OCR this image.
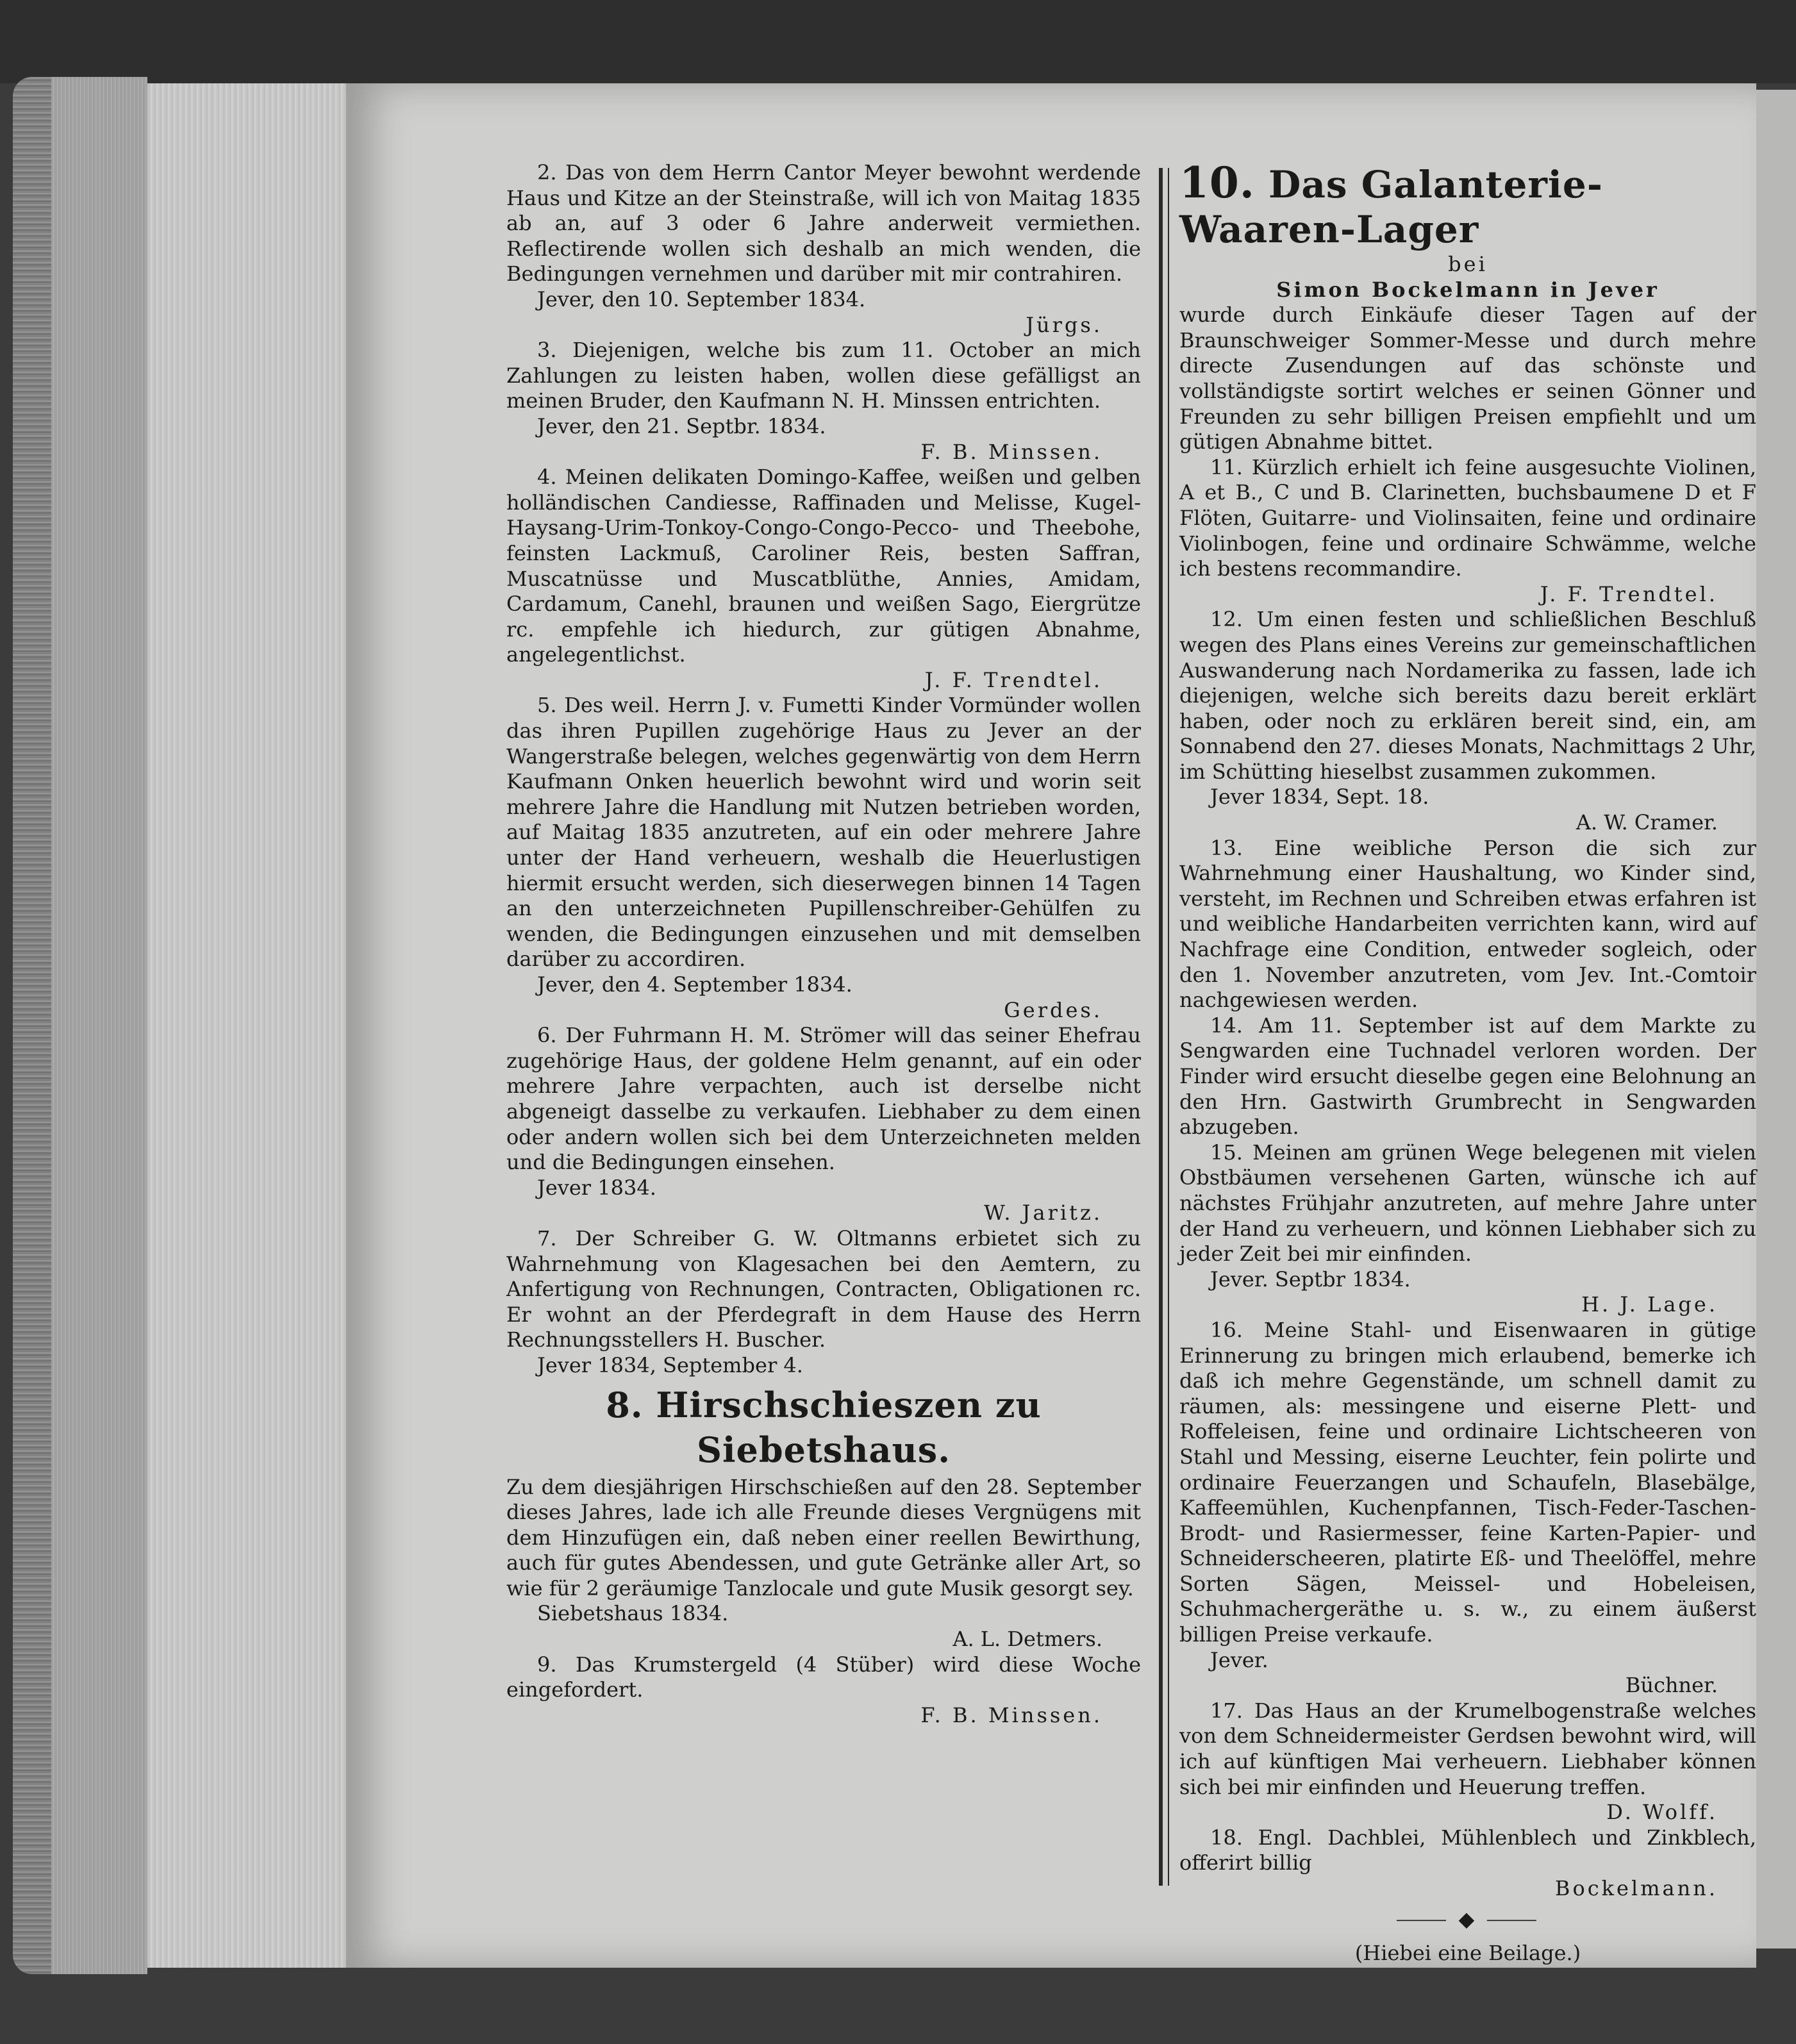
2. Das von dem Herrn Cantor Meyer bewohnt werdende Haus und Kitze an der Steinstraße, will ich von Maitag 1835 ab an, auf 3 oder 6 Jahre anderweit vermiethen. Reflectirende wollen sich deshalb an mich wenden, die Bedingungen vernehmen und darüber mit mir contrahiren.

Jever, den 10. September 1834.

Jürgs.

3. Diejenigen, welche bis zum 11. October an mich Zahlungen zu leisten haben, wollen diese gefälligst an meinen Bruder, den Kaufmann N. H. Minssen entrichten.

Jever, den 21. Septbr. 1834.

F. B. Minssen.

4. Meinen delikaten Domingo-Kaffee, weißen und gelben holländischen Candiesse, Raffinaden und Melisse, Kugel-Haysang-Urim-Tonkoy-Congo-Congo-Pecco- und Theebohe, feinsten Lackmuß, Caroliner Reis, besten Saffran, Muscatnüsse und Muscatblüthe, Annies, Amidam, Cardamum, Canehl, braunen und weißen Sago, Eiergrütze rc. empfehle ich hiedurch, zur gütigen Abnahme, angelegentlichst.

J. F. Trendtel.

5. Des weil. Herrn J. v. Fumetti Kinder Vormünder wollen das ihren Pupillen zugehörige Haus zu Jever an der Wangerstraße belegen, welches gegenwärtig von dem Herrn Kaufmann Onken heuerlich bewohnt wird und worin seit mehrere Jahre die Handlung mit Nutzen betrieben worden, auf Maitag 1835 anzutreten, auf ein oder mehrere Jahre unter der Hand verheuern, weshalb die Heuerlustigen hiermit ersucht werden, sich dieserwegen binnen 14 Tagen an den unterzeichneten Pupillenschreiber-Gehülfen zu wenden, die Bedingungen einzusehen und mit demselben darüber zu accordiren.

Jever, den 4. September 1834.

Gerdes.

6. Der Fuhrmann H. M. Strömer will das seiner Ehefrau zugehörige Haus, der goldene Helm genannt, auf ein oder mehrere Jahre verpachten, auch ist derselbe nicht abgeneigt dasselbe zu verkaufen. Liebhaber zu dem einen oder andern wollen sich bei dem Unterzeichneten melden und die Bedingungen einsehen.

Jever 1834.

W. Jaritz.

7. Der Schreiber G. W. Oltmanns erbietet sich zu Wahrnehmung von Klagesachen bei den Aemtern, zu Anfertigung von Rechnungen, Contracten, Obligationen rc. Er wohnt an der Pferdegraft in dem Hause des Herrn Rechnungsstellers H. Buscher.

Jever 1834, September 4.

8. Hirschschieszen zu Siebetshaus.

Zu dem diesjährigen Hirschschießen auf den 28. September dieses Jahres, lade ich alle Freunde dieses Vergnügens mit dem Hinzufügen ein, daß neben einer reellen Bewirthung, auch für gutes Abendessen, und gute Getränke aller Art, so wie für 2 geräumige Tanzlocale und gute Musik gesorgt sey.

Siebetshaus 1834.

A. L. Detmers.

9. Das Krumstergeld (4 Stüber) wird diese Woche eingefordert.

F. B. Minssen.

10. Das Galanterie-Waaren-Lager

bei

Simon Bockelmann in Jever

wurde durch Einkäufe dieser Tagen auf der Braunschweiger Sommer-Messe und durch mehre directe Zusendungen auf das schönste und vollständigste sortirt welches er seinen Gönner und Freunden zu sehr billigen Preisen empfiehlt und um gütigen Abnahme bittet.

11. Kürzlich erhielt ich feine ausgesuchte Violinen, A et B., C und B. Clarinetten, buchsbaumene D et F Flöten, Guitarre- und Violinsaiten, feine und ordinaire Violinbogen, feine und ordinaire Schwämme, welche ich bestens recommandire.

J. F. Trendtel.

12. Um einen festen und schließlichen Beschluß wegen des Plans eines Vereins zur gemeinschaftlichen Auswanderung nach Nordamerika zu fassen, lade ich diejenigen, welche sich bereits dazu bereit erklärt haben, oder noch zu erklären bereit sind, ein, am Sonnabend den 27. dieses Monats, Nachmittags 2 Uhr, im Schütting hieselbst zusammen zukommen.

Jever 1834, Sept. 18.

A. W. Cramer.

13. Eine weibliche Person die sich zur Wahrnehmung einer Haushaltung, wo Kinder sind, versteht, im Rechnen und Schreiben etwas erfahren ist und weibliche Handarbeiten verrichten kann, wird auf Nachfrage eine Condition, entweder sogleich, oder den 1. November anzutreten, vom Jev. Int.-Comtoir nachgewiesen werden.

14. Am 11. September ist auf dem Markte zu Sengwarden eine Tuchnadel verloren worden. Der Finder wird ersucht dieselbe gegen eine Belohnung an den Hrn. Gastwirth Grumbrecht in Sengwarden abzugeben.

15. Meinen am grünen Wege belegenen mit vielen Obstbäumen versehenen Garten, wünsche ich auf nächstes Frühjahr anzutreten, auf mehre Jahre unter der Hand zu verheuern, und können Liebhaber sich zu jeder Zeit bei mir einfinden.

Jever. Septbr 1834.

H. J. Lage.

16. Meine Stahl- und Eisenwaaren in gütige Erinnerung zu bringen mich erlaubend, bemerke ich daß ich mehre Gegenstände, um schnell damit zu räumen, als: messingene und eiserne Plett- und Roffeleisen, feine und ordinaire Lichtscheeren von Stahl und Messing, eiserne Leuchter, fein polirte und ordinaire Feuerzangen und Schaufeln, Blasebälge, Kaffeemühlen, Kuchenpfannen, Tisch-Feder-Taschen-Brodt- und Rasiermesser, feine Karten-Papier- und Schneiderscheeren, platirte Eß- und Theelöffel, mehre Sorten Sägen, Meissel- und Hobeleisen, Schuhmachergeräthe u. s. w., zu einem äußerst billigen Preise verkaufe.

Jever.

Büchner.

17. Das Haus an der Krumelbogenstraße welches von dem Schneidermeister Gerdsen bewohnt wird, will ich auf künftigen Mai verheuern. Liebhaber können sich bei mir einfinden und Heuerung treffen.

D. Wolff.

18. Engl. Dachblei, Mühlenblech und Zinkblech, offerirt billig

Bockelmann.

⸻ ◆ ⸻

(Hiebei eine Beilage.)
